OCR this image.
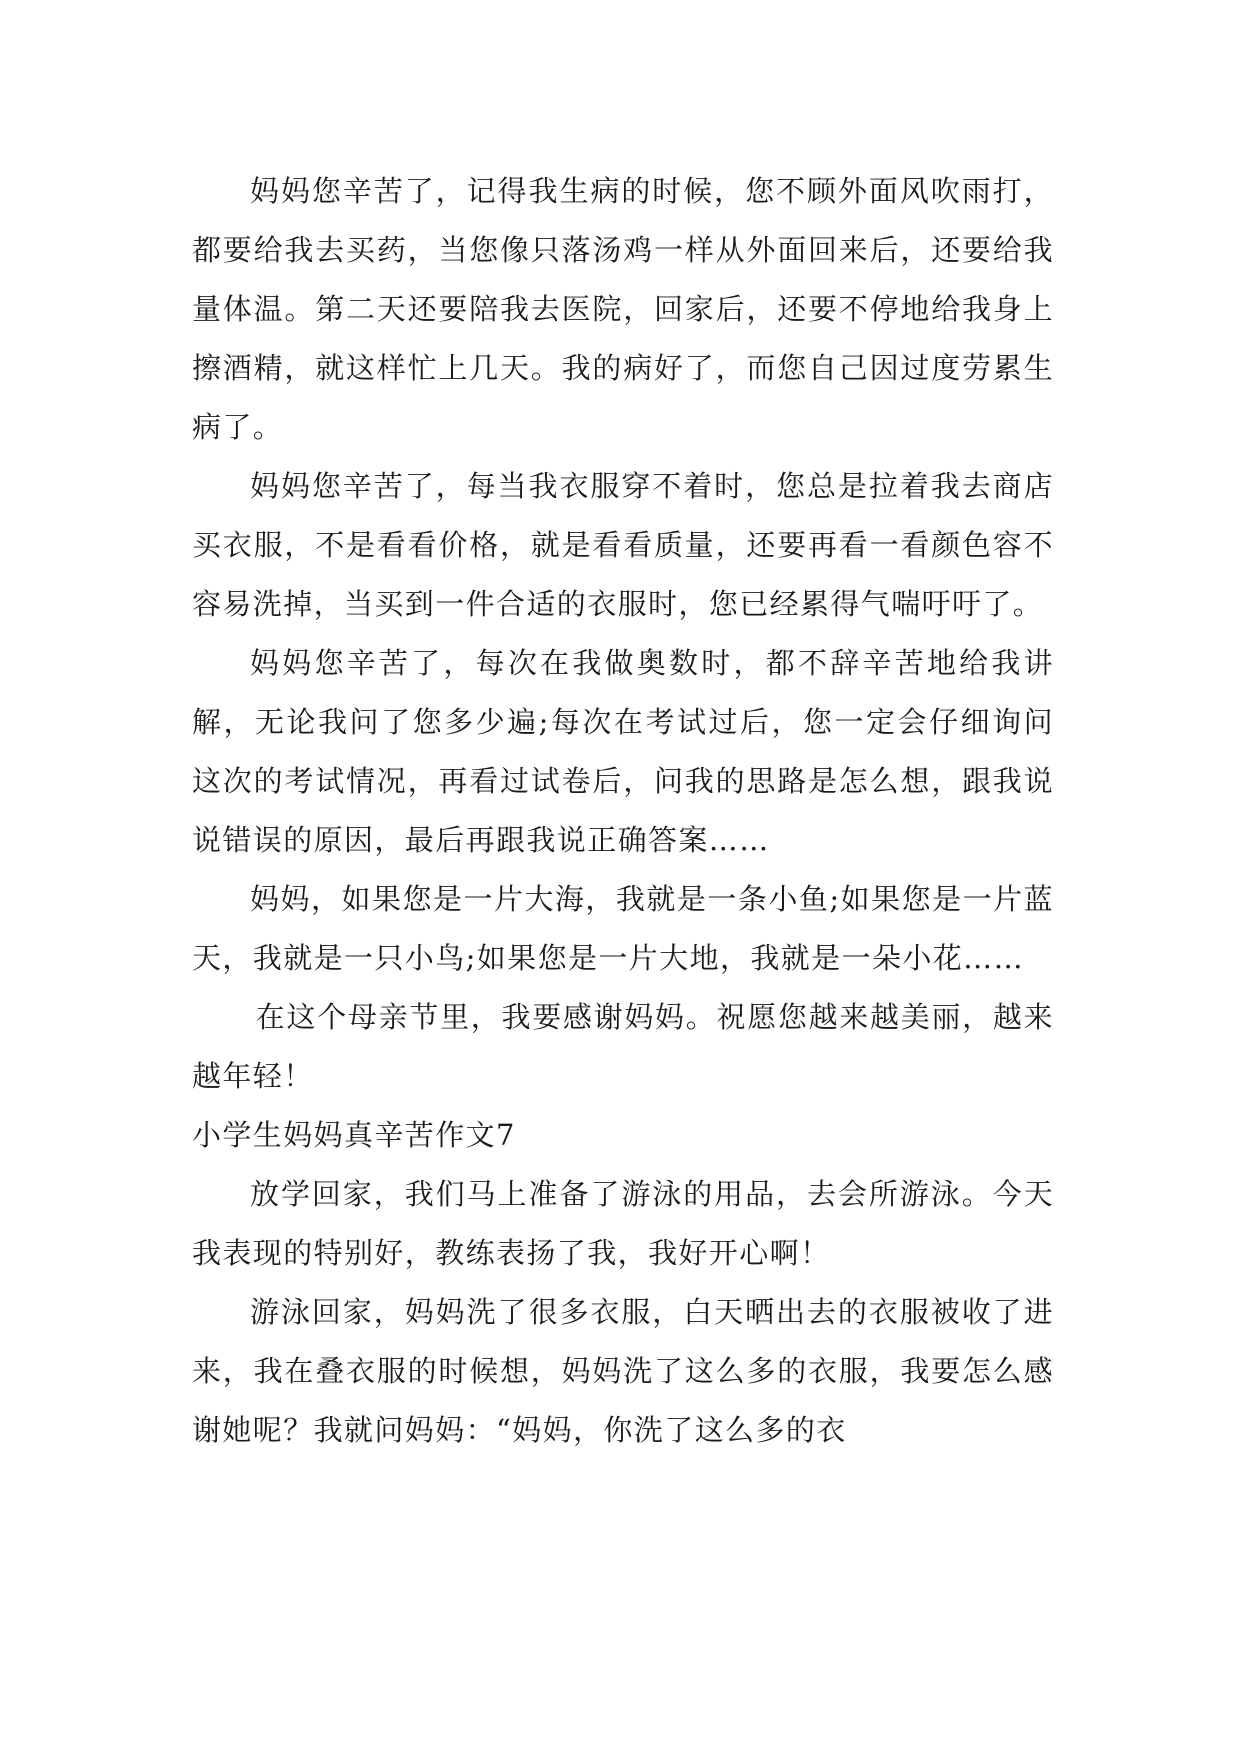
妈妈您辛苦了，记得我生病的时候，您不顾外面风吹雨打，都要给我去买药，当您像只落汤鸡一样从外面回来后，还要给我量体温。第二天还要陪我去医院，回家后，还要不停地给我身上擦酒精，就这样忙上几天。我的病好了，而您自己因过度劳累生病了。

妈妈您辛苦了，每当我衣服穿不着时，您总是拉着我去商店买衣服，不是看看价格，就是看看质量，还要再看一看颜色容不容易洗掉，当买到一件合适的衣服时，您已经累得气喘吁吁了。

妈妈您辛苦了，每次在我做奥数时，都不辞辛苦地给我讲解，无论我问了您多少遍;每次在考试过后，您一定会仔细询问这次的考试情况，再看过试卷后，问我的思路是怎么想，跟我说说错误的原因，最后再跟我说正确答案……

妈妈，如果您是一片大海，我就是一条小鱼;如果您是一片蓝天，我就是一只小鸟;如果您是一片大地，我就是一朵小花……

在这个母亲节里，我要感谢妈妈。祝愿您越来越美丽，越来越年轻！

小学生妈妈真辛苦作文7

放学回家，我们马上准备了游泳的用品，去会所游泳。今天我表现的特别好，教练表扬了我，我好开心啊！

游泳回家，妈妈洗了很多衣服，白天晒出去的衣服被收了进来，我在叠衣服的时候想，妈妈洗了这么多的衣服，我要怎么感谢她呢？我就问妈妈：“妈妈，你洗了这么多的衣
